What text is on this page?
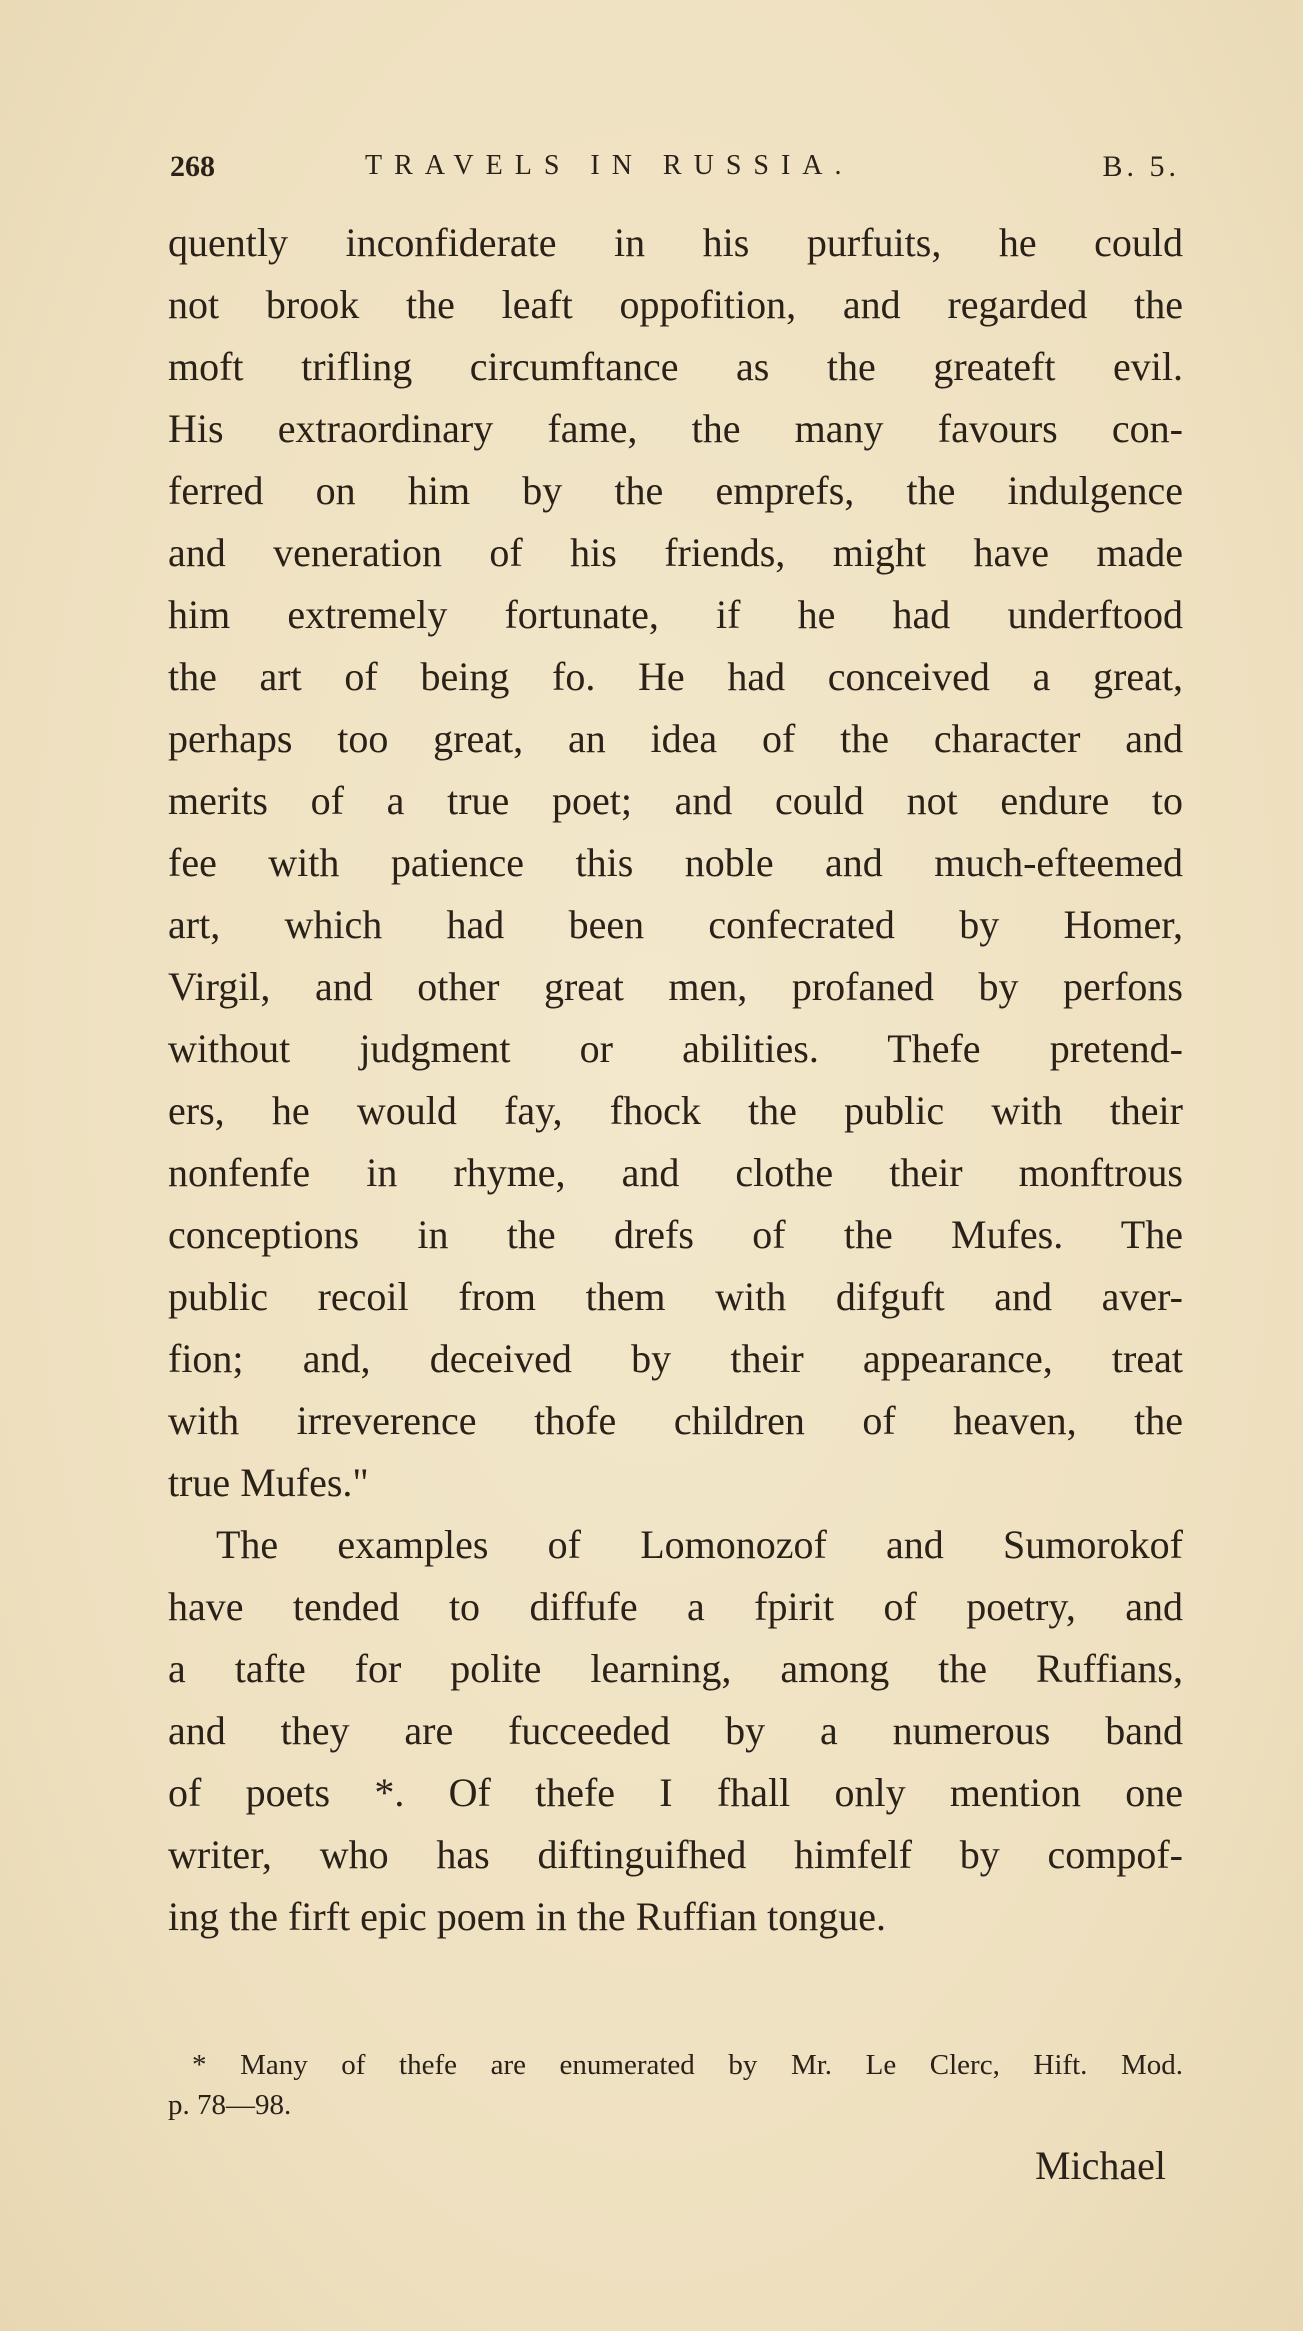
268	TRAVELS IN RUSSIA.	B. 5.
quently inconfiderate in his purfuits, he could
not brook the leaft oppofition, and regarded the
moft trifling circumftance as the greateft evil.
His extraordinary fame, the many favours con-
ferred on him by the emprefs, the indulgence
and veneration of his friends, might have made
him extremely fortunate, if he had underftood
the art of being fo. He had conceived a great,
perhaps too great, an idea of the character and
merits of a true poet; and could not endure to
fee with patience this noble and much-efteemed
art, which had been confecrated by Homer,
Virgil, and other great men, profaned by perfons
without judgment or abilities. Thefe pretend-
ers, he would fay, fhock the public with their
nonfenfe in rhyme, and clothe their monftrous
conceptions in the drefs of the Mufes. The
public recoil from them with difguft and aver-
fion; and, deceived by their appearance, treat
with irreverence thofe children of heaven, the
true Mufes."
The examples of Lomonozof and Sumorokof
have tended to diffufe a fpirit of poetry, and
a tafte for polite learning, among the Ruffians,
and they are fucceeded by a numerous band
of poets *. Of thefe I fhall only mention one
writer, who has diftinguifhed himfelf by compof-
ing the firft epic poem in the Ruffian tongue.
* Many of thefe are enumerated by Mr. Le Clerc, Hift. Mod.
p. 78—98.
Michael
